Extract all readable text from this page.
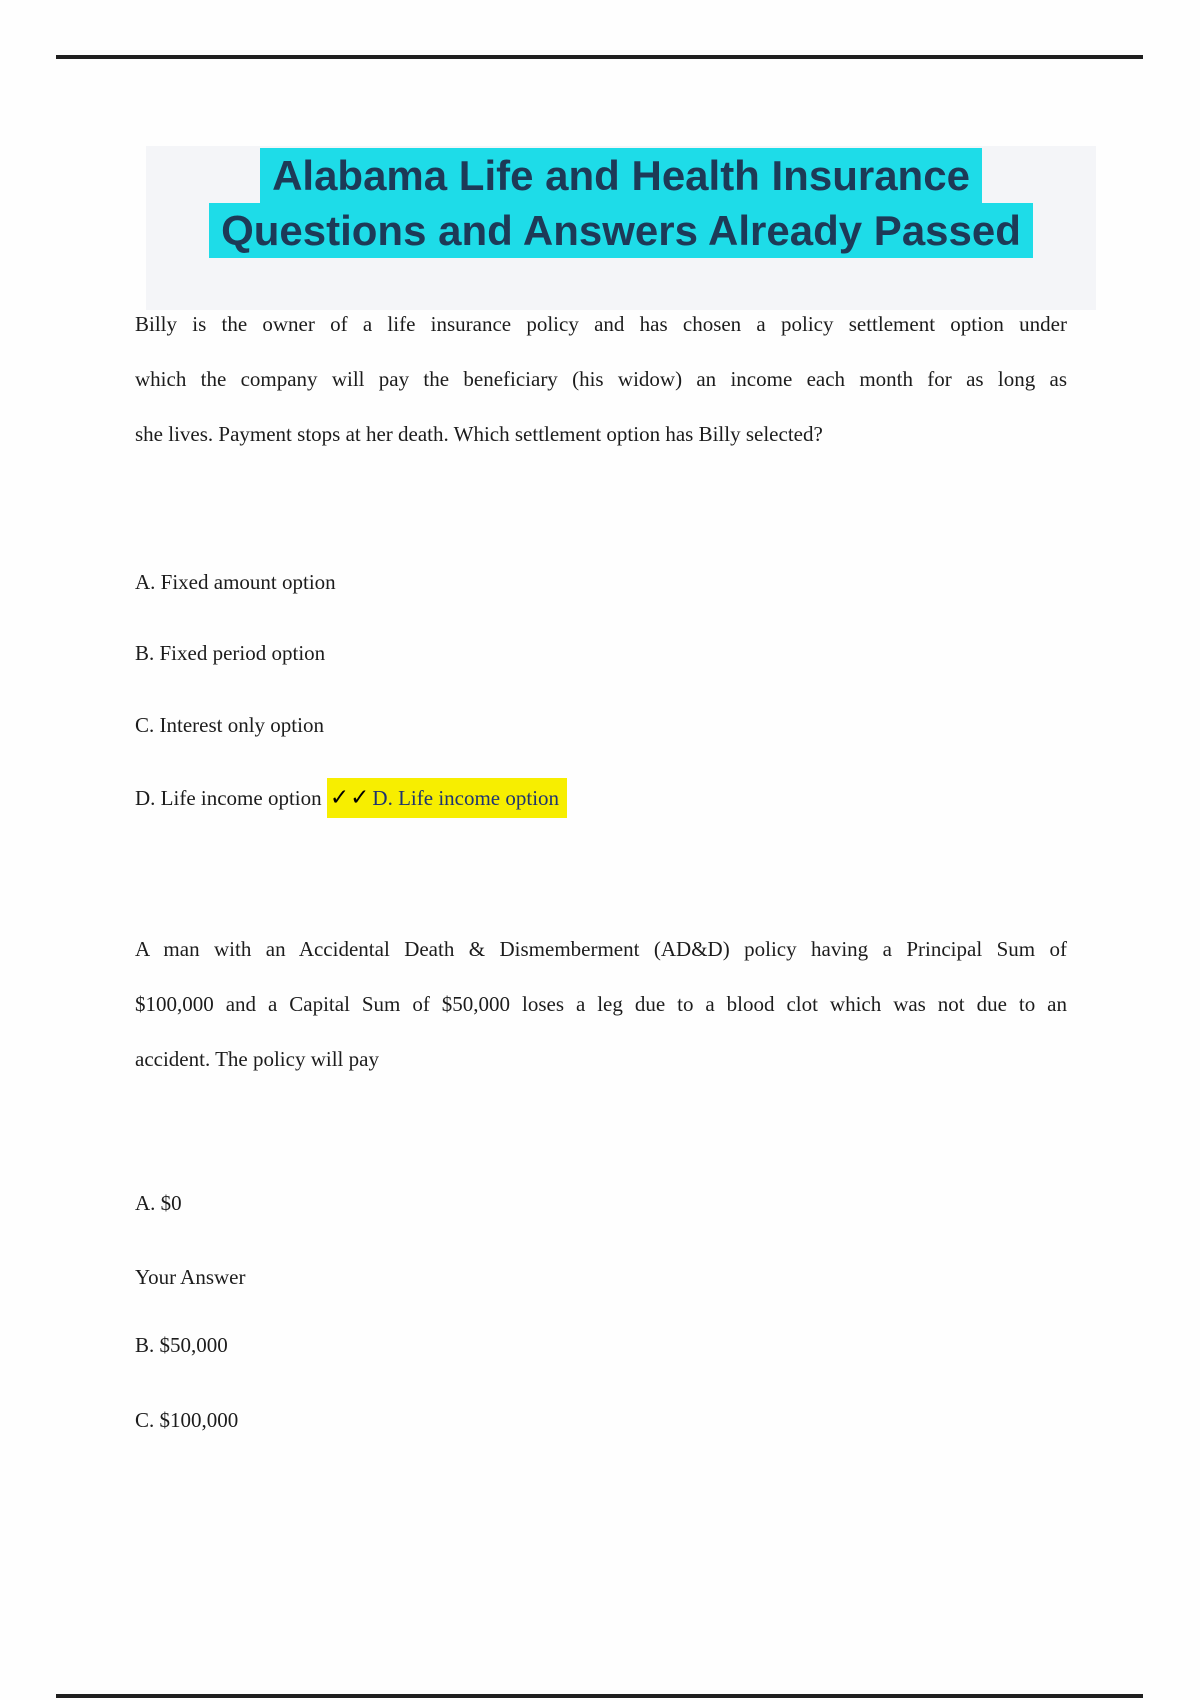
Alabama Life and Health Insurance
Questions and Answers Already Passed
Billy is the owner of a life insurance policy and has chosen a policy settlement option under
which the company will pay the beneficiary (his widow) an income each month for as long as
she lives. Payment stops at her death. Which settlement option has Billy selected?
A. Fixed amount option
B. Fixed period option
C. Interest only option
D. Life income option ✓✓D. Life income option
A man with an Accidental Death & Dismemberment (AD&D) policy having a Principal Sum of
$100,000 and a Capital Sum of $50,000 loses a leg due to a blood clot which was not due to an
accident. The policy will pay
A. $0
Your Answer
B. $50,000
C. $100,000
